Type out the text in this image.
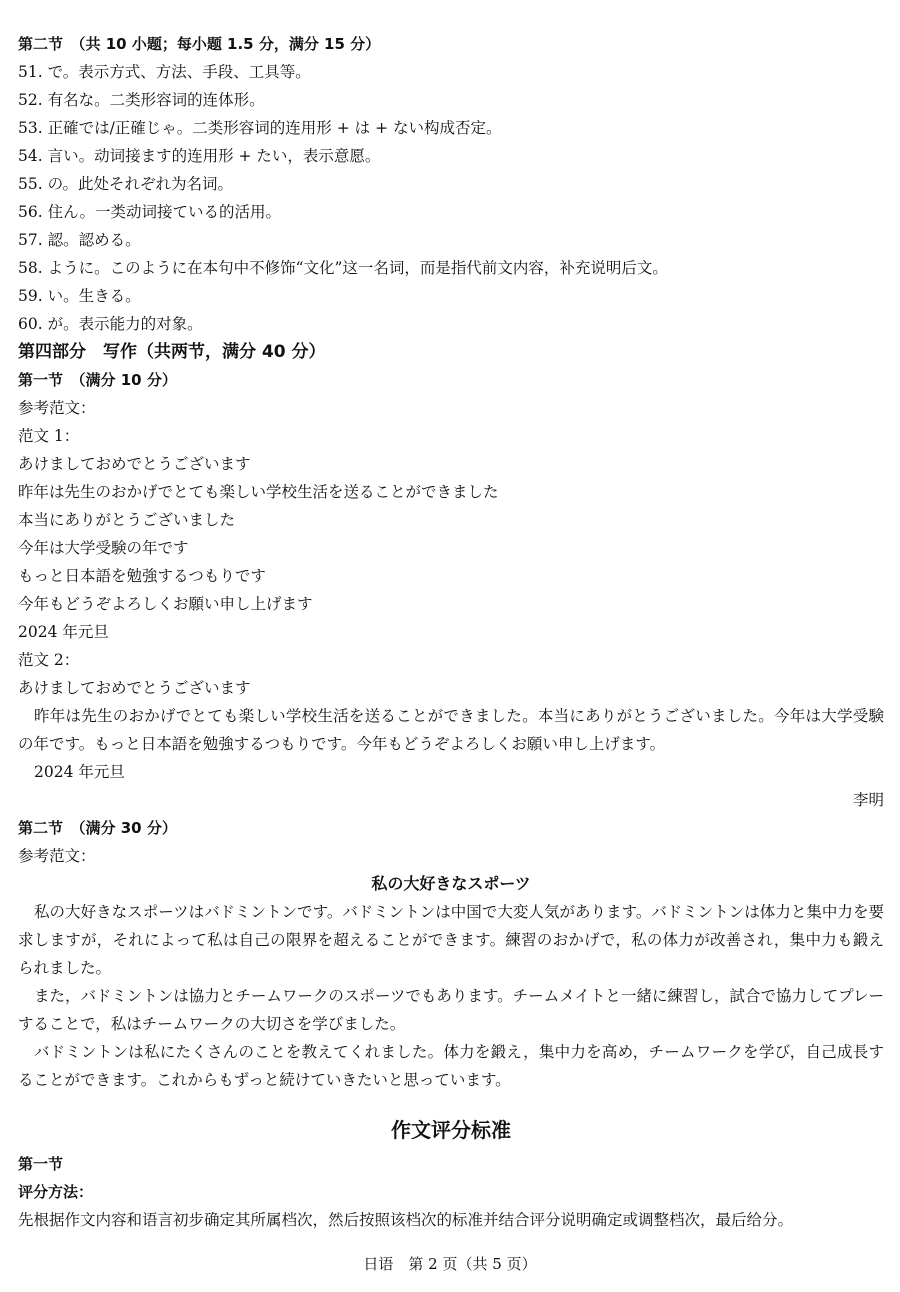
第二节　（共 10 小题；每小题 1.5 分，满分 15 分）
51. で。表示方式、方法、手段、工具等。
52. 有名な。二类形容词的连体形。
53. 正確では/正確じゃ。二类形容词的连用形 + は + ない构成否定。
54. 言い。动词接ます的连用形 + たい，表示意愿。
55. の。此处それぞれ为名词。
56. 住ん。一类动词接ている的活用。
57. 認。認める。
58. ように。このように在本句中不修饰“文化”这一名词，而是指代前文内容，补充说明后文。
59. い。生きる。
60. が。表示能力的对象。
第四部分　写作（共两节，满分 40 分）
第一节　（满分 10 分）
参考范文：
范文 1：
あけましておめでとうございます
昨年は先生のおかげでとても楽しい学校生活を送ることができました
本当にありがとうございました
今年は大学受験の年です
もっと日本語を勉強するつもりです
今年もどうぞよろしくお願い申し上げます
2024 年元旦
范文 2：
あけましておめでとうございます
昨年は先生のおかげでとても楽しい学校生活を送ることができました。本当にありがとうございました。今年は大学受験の年です。もっと日本語を勉強するつもりです。今年もどうぞよろしくお願い申し上げます。
2024 年元旦
李明
第二节　（满分 30 分）
参考范文：
私の大好きなスポーツ
私の大好きなスポーツはバドミントンです。バドミントンは中国で大変人気があります。バドミントンは体力と集中力を要求しますが，それによって私は自己の限界を超えることができます。練習のおかげで，私の体力が改善され，集中力も鍛えられました。
また，バドミントンは協力とチームワークのスポーツでもあります。チームメイトと一緒に練習し，試合で協力してプレーすることで，私はチームワークの大切さを学びました。
バドミントンは私にたくさんのことを教えてくれました。体力を鍛え，集中力を高め，チームワークを学び，自己成長することができます。これからもずっと続けていきたいと思っています。
作文评分标准
第一节
评分方法：
先根据作文内容和语言初步确定其所属档次，然后按照该档次的标准并结合评分说明确定或调整档次，最后给分。
日语　第 2 页（共 5 页）
